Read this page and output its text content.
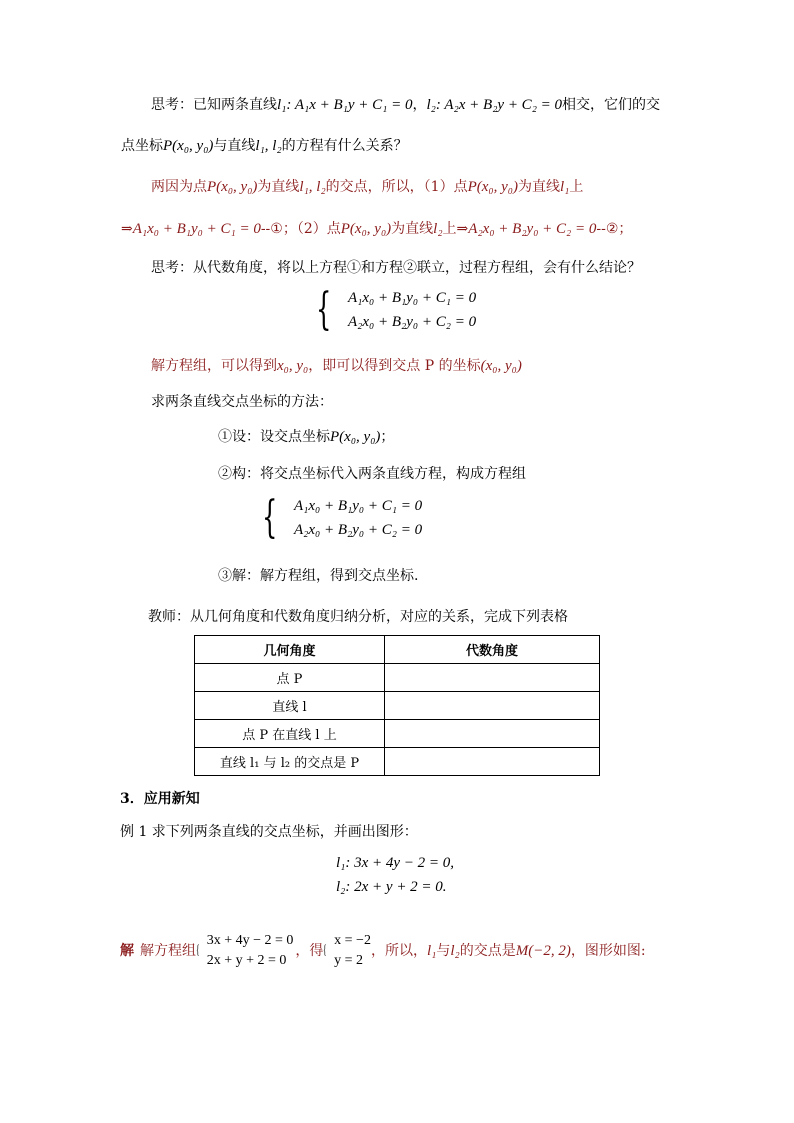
思考：已知两条直线l₁: A₁x + B₁y + C₁ = 0，l₂: A₂x + B₂y + C₂ = 0相交，它们的交
点坐标P(x₀, y₀)与直线l₁, l₂的方程有什么关系？
两因为点P(x₀, y₀)为直线l₁, l₂的交点，所以，（1）点P(x₀, y₀)为直线l₁上
⇒A₁x₀ + B₁y₀ + C₁ = 0--①；（2）点P(x₀, y₀)为直线l₂上⇒A₂x₀ + B₂y₀ + C₂ = 0--②；
思考：从代数角度，将以上方程①和方程②联立，过程方程组，会有什么结论？
{ A₁x₀ + B₁y₀ + C₁ = 0
A₂x₀ + B₂y₀ + C₂ = 0
解方程组，可以得到x₀, y₀，即可以得到交点 P 的坐标(x₀, y₀)
求两条直线交点坐标的方法：
①设：设交点坐标P(x₀, y₀)；
②构：将交点坐标代入两条直线方程，构成方程组
{ A₁x₀ + B₁y₀ + C₁ = 0
A₂x₀ + B₂y₀ + C₂ = 0
③解：解方程组，得到交点坐标.
教师：从几何角度和代数角度归纳分析，对应的关系，完成下列表格
几何角度	代数角度
点 P	
直线 l	
点 P 在直线 l 上	
直线 l₁ 与 l₂ 的交点是 P	
3．应用新知
例 1 求下列两条直线的交点坐标，并画出图形：
l₁: 3x + 4y − 2 = 0,
l₂: 2x + y + 2 = 0.
解 解方程组 {
3x + 4y − 2 = 0
2x + y + 2 = 0
，得 {
x = −2
y = 2
，所以， l₁ 与 l₂ 的交点是 M(−2, 2) ，图形如图:
